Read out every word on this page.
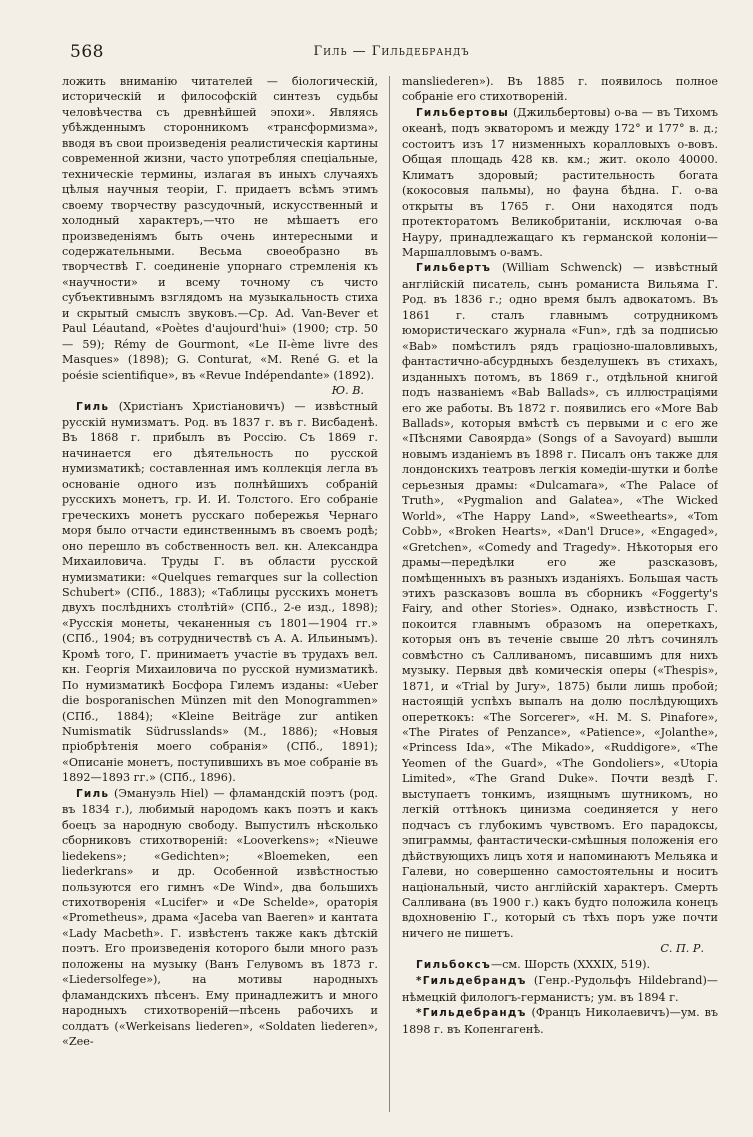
568	Гиль — Гильдебрандъ

ложить вниманію читателей — біологическій, историческій и философскій синтезъ судьбы человѣчества съ древнѣйшей эпохи». Являясь убѣжденнымъ сторонникомъ «трансформизма», вводя въ свои произведенія реалистическія картины современной жизни, часто употребляя спеціальные, техническіе термины, излагая въ иныхъ случаяхъ цѣлыя научныя теоріи, Г. придаетъ всѣмъ этимъ своему творчеству разсудочный, искусственный и холодный характеръ,—что не мѣшаетъ его произведеніямъ быть очень интересными и содержательными. Весьма своеобразно въ творчествѣ Г. соединеніе упорнаго стремленія къ «научности» и всему точному съ чисто субъективнымъ взглядомъ на музыкальность стиха и скрытый смыслъ звуковъ.—Ср. Ad. Van-Bever et Paul Léautand, «Poètes d'aujourd'hui» (1900; стр. 50 — 59); Rémy de Gourmont, «Le II-ème livre des Masques» (1898); G. Conturat, «M. René G. et la poésie scientifique», въ «Revue Indépendante» (1892).

Ю. В.

Гиль (Христіанъ Христіановичъ) — извѣстный русскій нумизматъ. Род. въ 1837 г. въ г. Висбаденѣ. Въ 1868 г. прибылъ въ Россію. Съ 1869 г. начинается его дѣятельность по русской нумизматикѣ; составленная имъ коллекція легла въ основаніе одного изъ полнѣйшихъ собраній русскихъ монетъ, гр. И. И. Толстого. Его собраніе греческихъ монетъ русскаго побережья Чернаго моря было отчасти единственнымъ въ своемъ родѣ; оно перешло въ собственность вел. кн. Александра Михаиловича. Труды Г. въ области русской нумизматики: «Quelques remarques sur la collection Schubert» (СПб., 1883); «Таблицы русскихъ монетъ двухъ послѣднихъ столѣтій» (СПб., 2-е изд., 1898); «Русскія монеты, чеканенныя съ 1801—1904 гг.» (СПб., 1904; въ сотрудничествѣ съ А. А. Ильинымъ). Кромѣ того, Г. принимаетъ участіе въ трудахъ вел. кн. Георгія Михаиловича по русской нумизматикѣ. По нумизматикѣ Босфора Гилемъ изданы: «Ueber die bosporanischen Münzen mit den Monogrammen» (СПб., 1884); «Kleine Beiträge zur antiken Numismatik Südrusslands» (М., 1886); «Новыя пріобрѣтенія моего собранія» (СПб., 1891); «Описаніе монетъ, поступившихъ въ мое собраніе въ 1892—1893 гг.» (СПб., 1896).

Гиль (Эмануэль Hiel) — фламандскій поэтъ (род. въ 1834 г.), любимый народомъ какъ поэтъ и какъ боецъ за народную свободу. Выпустилъ нѣсколько сборниковъ стихотвореній: «Looverkens»; «Nieuwe liedekens»; «Gedichten»; «Bloemeken, een liederkrans» и др. Особенной извѣстностью пользуются его гимнъ «De Wind», два большихъ стихотворенія «Lucifer» и «De Schelde», ораторія «Prometheus», драма «Jaceba van Baeren» и кантата «Lady Macbeth». Г. извѣстенъ также какъ дѣтскій поэтъ. Его произведенія которого были много разъ положены на музыку (Ванъ Гелувомъ въ 1873 г. «Liedersolfege»), на мотивы народныхъ фламандскихъ пѣсенъ. Ему принадлежитъ и много народныхъ стихотвореній—пѣсень рабочихъ и солдатъ («Werkeisans liederen», «Soldaten liederen», «Zee-

mansliederen»). Въ 1885 г. появилось полное собраніе его стихотвореній.

Гильбертовы (Джильбертовы) о-ва — въ Тихомъ океанѣ, подъ экваторомъ и между 172° и 177° в. д.; состоитъ изъ 17 низменныхъ коралловыхъ о-вовъ. Общая площадь 428 кв. км.; жит. около 40000. Климатъ здоровый; растительность богата (кокосовыя пальмы), но фауна бѣдна. Г. о-ва открыты въ 1765 г. Они находятся подъ протекторатомъ Великобританіи, исключая о-ва Науру, принадлежащаго къ германской колоніи—Маршалловымъ о-вамъ.

Гильбертъ (William Schwenck) — извѣстный англійскій писатель, сынъ романиста Вильяма Г. Род. въ 1836 г.; одно время былъ адвокатомъ. Въ 1861 г. сталъ главнымъ сотрудникомъ юмористическаго журнала «Fun», гдѣ за подписью «Bab» помѣстилъ рядъ граціозно-шаловливыхъ, фантастично-абсурдныхъ безделушекъ въ стихахъ, изданныхъ потомъ, въ 1869 г., отдѣльной книгой подъ названіемъ «Bab Ballads», съ иллюстраціями его же работы. Въ 1872 г. появились его «More Bab Ballads», которыя вмѣстѣ съ первыми и с его же «Пѣснями Савоярда» (Songs of a Savoyard) вышли новымъ изданіемъ въ 1898 г. Писалъ онъ также для лондонскихъ театровъ легкія комедіи-шутки и болѣе серьезныя драмы: «Dulcamara», «The Palace of Truth», «Pygmalion and Galatea», «The Wicked World», «The Happy Land», «Sweethearts», «Tom Cobb», «Broken Hearts», «Dan'l Druce», «Engaged», «Gretchen», «Comedy and Tragedy». Нѣкоторыя его драмы—передѣлки его же разсказовъ, помѣщенныхъ въ разныхъ изданіяхъ. Большая часть этихъ разсказовъ вошла въ сборникъ «Foggerty's Fairy, and other Stories». Однако, извѣстность Г. покоится главнымъ образомъ на опереткахъ, которыя онъ въ теченіе свыше 20 лѣтъ сочинялъ совмѣстно съ Салливаномъ, писавшимъ для нихъ музыку. Первыя двѣ комическія оперы («Thespis», 1871, и «Trial by Jury», 1875) были лишь пробой; настоящій успѣхъ выпалъ на долю послѣдующихъ опереткокъ: «The Sorcerer», «H. M. S. Pinafore», «The Pirates of Penzance», «Patience», «Jolanthe», «Princess Ida», «The Mikado», «Ruddigore», «The Yeomen of the Guard», «The Gondoliers», «Utopia Limited», «The Grand Duke». Почти вездѣ Г. выступаетъ тонкимъ, изящнымъ шутникомъ, но легкій оттѣнокъ цинизма соединяется у него подчасъ съ глубокимъ чувствомъ. Его парадоксы, эпиграммы, фантастически-смѣшныя положенія его дѣйствующихъ лицъ хотя и напоминаютъ Мельяка и Галеви, но совершенно самостоятельны и носитъ національный, чисто англійскій характеръ. Смерть Салливана (въ 1900 г.) какъ будто положила конецъ вдохновенію Г., который съ тѣхъ поръ уже почти ничего не пишетъ.

С. П. Р.

Гильбоксъ—см. Шорсть (XXXIX, 519).

*Гильдебрандъ (Генр.-Рудольфъ Hildebrand)—нѣмецкій филологъ-германистъ; ум. въ 1894 г.

*Гильдебрандъ (Францъ Николаевичъ)—ум. въ 1898 г. въ Копенгагенѣ.
